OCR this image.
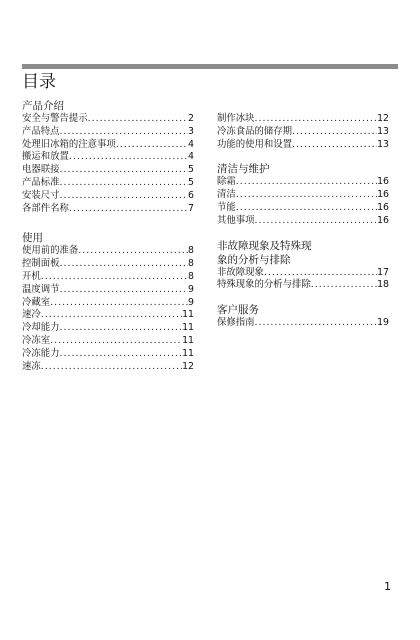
目录
产品介绍
安全与警告提示 .....	2
产品特点 .....	3
处理旧冰箱的注意事项 .....	4
搬运和放置 .....	4
电器联接 .....	5
产品标准 .....	5
安装尺寸 .....	6
各部件名称 .....	7
使用
使用前的准备 .....	8
控制面板 .....	8
开机 .....	8
温度调节 .....	9
冷藏室 .....	9
速冷 .....	11
冷却能力 .....	11
冷冻室 .....	11
冷冻能力 .....	11
速冻 .....	12
制作冰块 .....	12
冷冻食品的储存期 .....	13
功能的使用和设置 .....	13
清洁与维护
除霜 .....	16
清洁 .....	16
节能 .....	16
其他事项 .....	16
非故障现象及特殊现
象的分析与排除
非故障现象 .....	17
特殊现象的分析与排除 .....	18
客户服务
保修指南 .....	19
1
